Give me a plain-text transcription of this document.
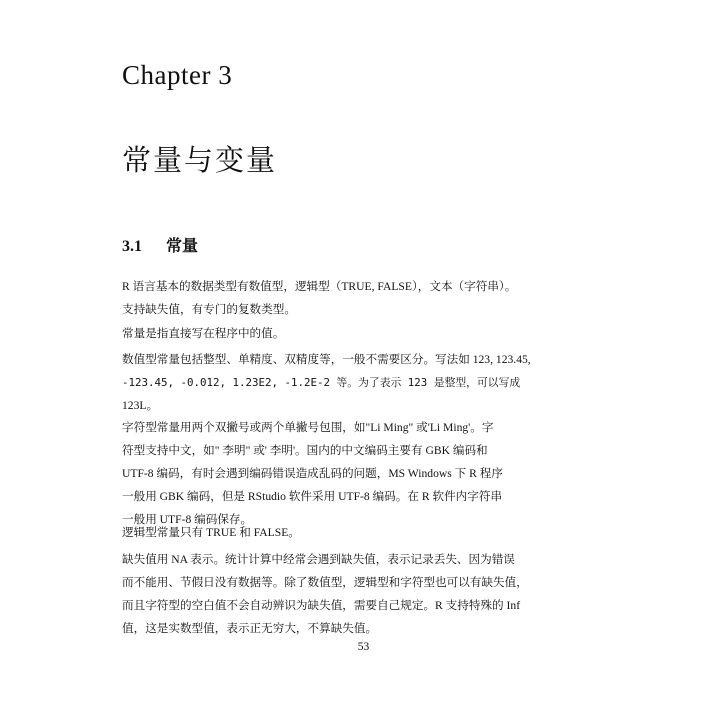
Chapter 3
常量与变量
3.1 常量
R 语言基本的数据类型有数值型，逻辑型（TRUE, FALSE），文本（字符串）。
支持缺失值，有专门的复数类型。
常量是指直接写在程序中的值。
数值型常量包括整型、单精度、双精度等，一般不需要区分。写法如 123, 123.45,
-123.45, -0.012, 1.23E2, -1.2E-2 等。为了表示 123 是整型，可以写成
123L。
字符型常量用两个双撇号或两个单撇号包围，如"Li Ming" 或'Li Ming'。字
符型支持中文，如" 李明" 或' 李明'。国内的中文编码主要有 GBK 编码和
UTF-8 编码，有时会遇到编码错误造成乱码的问题，MS Windows 下 R 程序
一般用 GBK 编码，但是 RStudio 软件采用 UTF-8 编码。在 R 软件内字符串
一般用 UTF-8 编码保存。
逻辑型常量只有 TRUE 和 FALSE。
缺失值用 NA 表示。统计计算中经常会遇到缺失值，表示记录丢失、因为错误
而不能用、节假日没有数据等。除了数值型，逻辑型和字符型也可以有缺失值，
而且字符型的空白值不会自动辨识为缺失值，需要自己规定。R 支持特殊的 Inf
值，这是实数型值，表示正无穷大，不算缺失值。
53
